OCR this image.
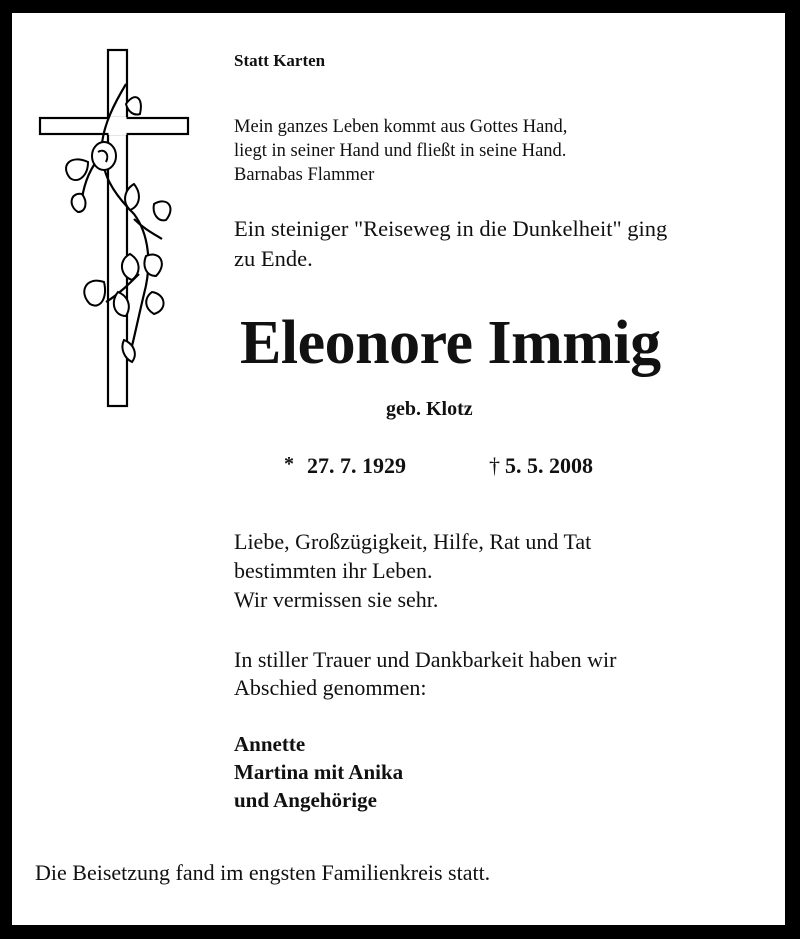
Statt Karten

Mein ganzes Leben kommt aus Gottes Hand,

liegt in seiner Hand und fließt in seine Hand.

Barnabas Flammer

Ein steiniger "Reiseweg in die Dunkelheit" ging

zu Ende.

Eleonore Immig

geb. Klotz

* 27. 7. 1929	† 5. 5. 2008

Liebe, Großzügigkeit, Hilfe, Rat und Tat

bestimmten ihr Leben.

Wir vermissen sie sehr.

In stiller Trauer und Dankbarkeit haben wir

Abschied genommen:

Annette

Martina mit Anika

und Angehörige

Die Beisetzung fand im engsten Familienkreis statt.
